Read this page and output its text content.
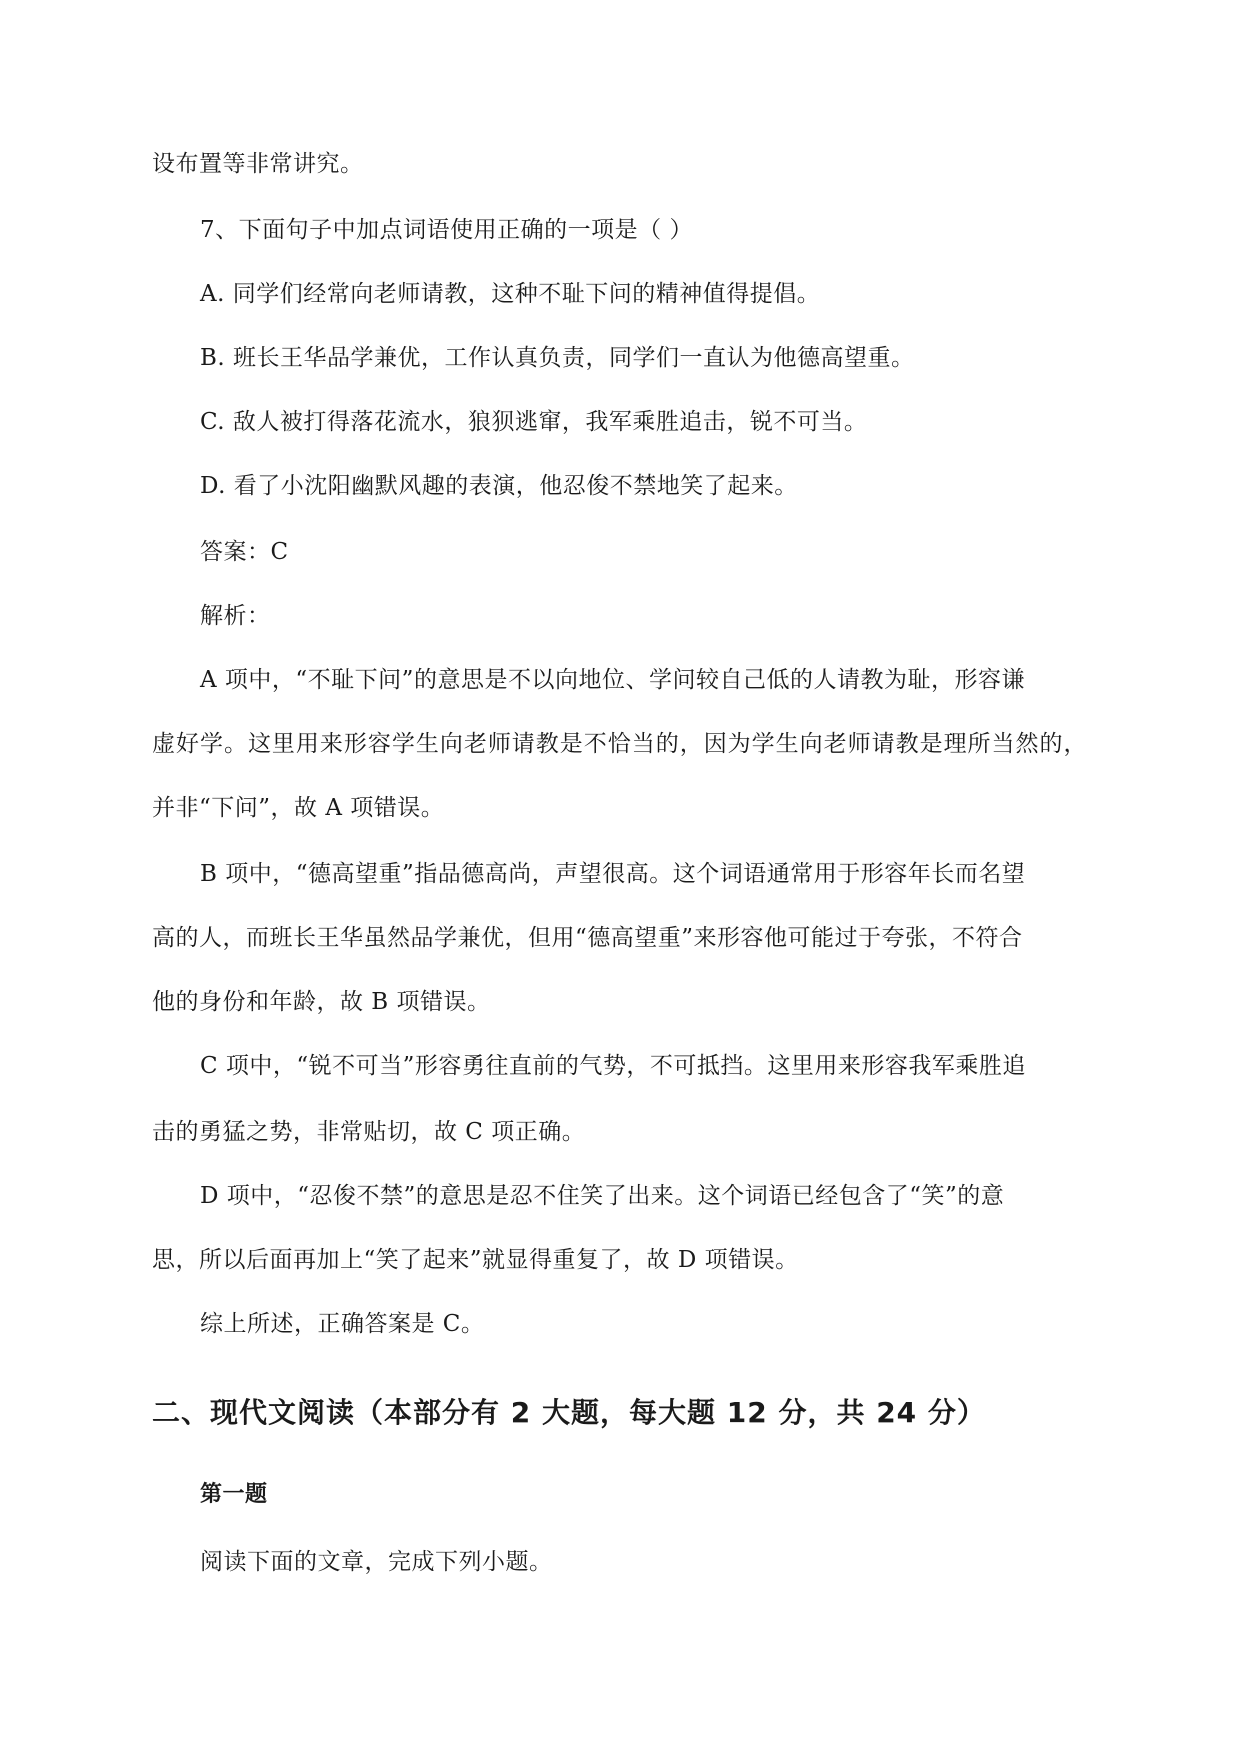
设布置等非常讲究。

7、下面句子中加点词语使用正确的一项是（ ）

A. 同学们经常向老师请教，这种不耻下问的精神值得提倡。

B. 班长王华品学兼优，工作认真负责，同学们一直认为他德高望重。

C. 敌人被打得落花流水，狼狈逃窜，我军乘胜追击，锐不可当。

D. 看了小沈阳幽默风趣的表演，他忍俊不禁地笑了起来。

答案：C

解析：

A 项中，“不耻下问”的意思是不以向地位、学问较自己低的人请教为耻，形容谦

虚好学。这里用来形容学生向老师请教是不恰当的，因为学生向老师请教是理所当然的，

并非“下问”，故 A 项错误。

B 项中，“德高望重”指品德高尚，声望很高。这个词语通常用于形容年长而名望

高的人，而班长王华虽然品学兼优，但用“德高望重”来形容他可能过于夸张，不符合

他的身份和年龄，故 B 项错误。

C 项中，“锐不可当”形容勇往直前的气势，不可抵挡。这里用来形容我军乘胜追

击的勇猛之势，非常贴切，故 C 项正确。

D 项中，“忍俊不禁”的意思是忍不住笑了出来。这个词语已经包含了“笑”的意

思，所以后面再加上“笑了起来”就显得重复了，故 D 项错误。

综上所述，正确答案是 C。

二、现代文阅读（本部分有 2 大题，每大题 12 分，共 24 分）
第一题

阅读下面的文章，完成下列小题。
